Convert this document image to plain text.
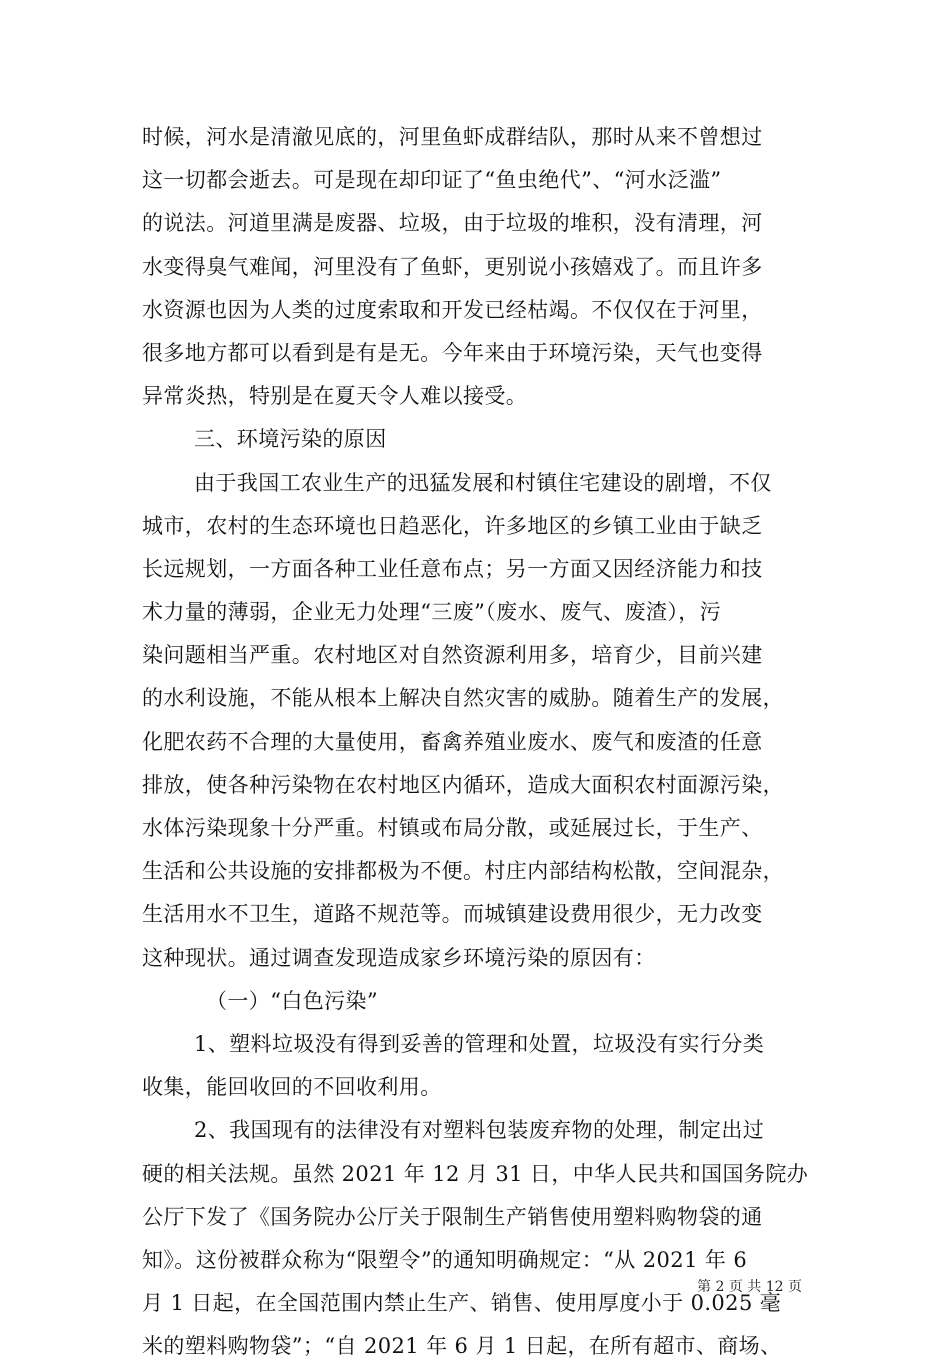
时候，河水是清澈见底的，河里鱼虾成群结队，那时从来不曾想过
这一切都会逝去。可是现在却印证了“鱼虫绝代”、“河水泛滥”
的说法。河道里满是废器、垃圾，由于垃圾的堆积，没有清理，河
水变得臭气难闻，河里没有了鱼虾，更别说小孩嬉戏了。而且许多
水资源也因为人类的过度索取和开发已经枯竭。不仅仅在于河里，
很多地方都可以看到是有是无。今年来由于环境污染，天气也变得
异常炎热，特别是在夏天令人难以接受。
三、环境污染的原因
由于我国工农业生产的迅猛发展和村镇住宅建设的剧增，不仅
城市，农村的生态环境也日趋恶化，许多地区的乡镇工业由于缺乏
长远规划，一方面各种工业任意布点；另一方面又因经济能力和技
术力量的薄弱，企业无力处理“三废”（废水、废气、废渣），污
染问题相当严重。农村地区对自然资源利用多，培育少，目前兴建
的水利设施，不能从根本上解决自然灾害的威胁。随着生产的发展，
化肥农药不合理的大量使用，畜禽养殖业废水、废气和废渣的任意
排放，使各种污染物在农村地区内循环，造成大面积农村面源污染，
水体污染现象十分严重。村镇或布局分散，或延展过长，于生产、
生活和公共设施的安排都极为不便。村庄内部结构松散，空间混杂，
生活用水不卫生，道路不规范等。而城镇建设费用很少，无力改变
这种现状。通过调查发现造成家乡环境污染的原因有：
（一）“白色污染”
1、塑料垃圾没有得到妥善的管理和处置，垃圾没有实行分类
收集，能回收回的不回收利用。
2、我国现有的法律没有对塑料包装废弃物的处理，制定出过
硬的相关法规。虽然 2021 年 12 月 31 日，中华人民共和国国务院办
公厅下发了《国务院办公厅关于限制生产销售使用塑料购物袋的通
知》。这份被群众称为“限塑令”的通知明确规定：“从 2021 年 6
月 1 日起，在全国范围内禁止生产、销售、使用厚度小于 0.025 毫
米的塑料购物袋”；“自 2021 年 6 月 1 日起，在所有超市、商场、
第 2 页 共 12 页
